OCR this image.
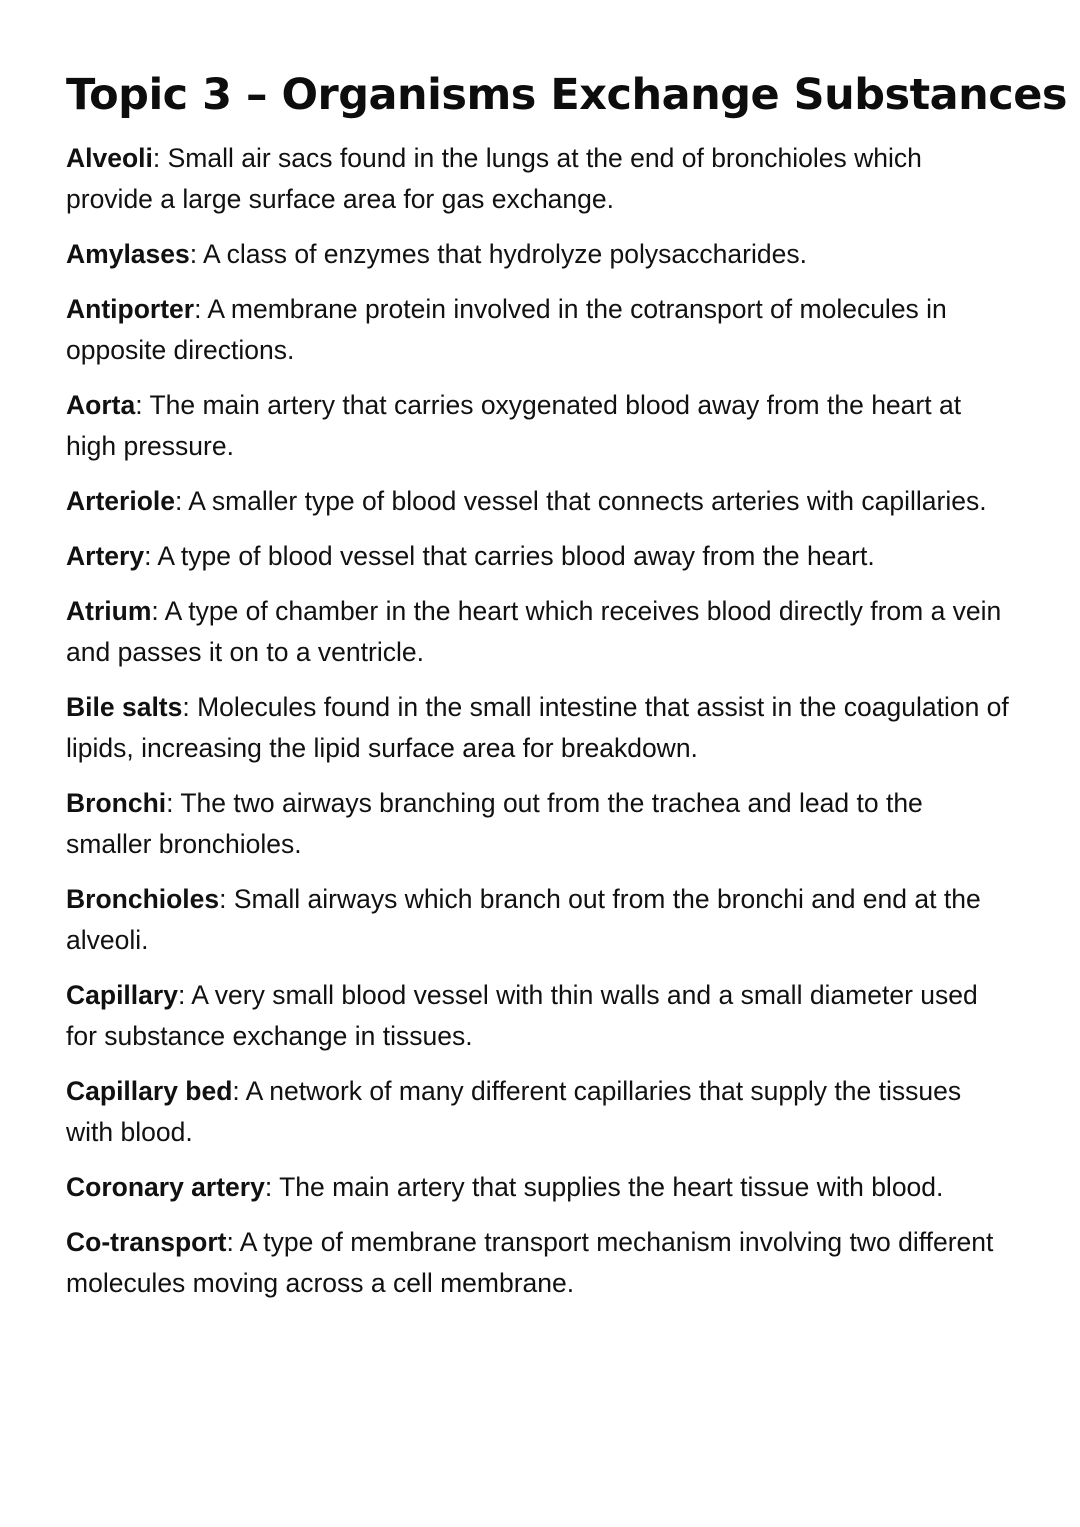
Topic 3 – Organisms Exchange Substances
Alveoli: Small air sacs found in the lungs at the end of bronchioles which provide a large surface area for gas exchange.
Amylases: A class of enzymes that hydrolyze polysaccharides.
Antiporter: A membrane protein involved in the cotransport of molecules in opposite directions.
Aorta: The main artery that carries oxygenated blood away from the heart at high pressure.
Arteriole: A smaller type of blood vessel that connects arteries with capillaries.
Artery: A type of blood vessel that carries blood away from the heart.
Atrium: A type of chamber in the heart which receives blood directly from a vein and passes it on to a ventricle.
Bile salts: Molecules found in the small intestine that assist in the coagulation of lipids, increasing the lipid surface area for breakdown.
Bronchi: The two airways branching out from the trachea and lead to the smaller bronchioles.
Bronchioles: Small airways which branch out from the bronchi and end at the alveoli.
Capillary: A very small blood vessel with thin walls and a small diameter used for substance exchange in tissues.
Capillary bed: A network of many different capillaries that supply the tissues with blood.
Coronary artery: The main artery that supplies the heart tissue with blood.
Co-transport: A type of membrane transport mechanism involving two different molecules moving across a cell membrane.
